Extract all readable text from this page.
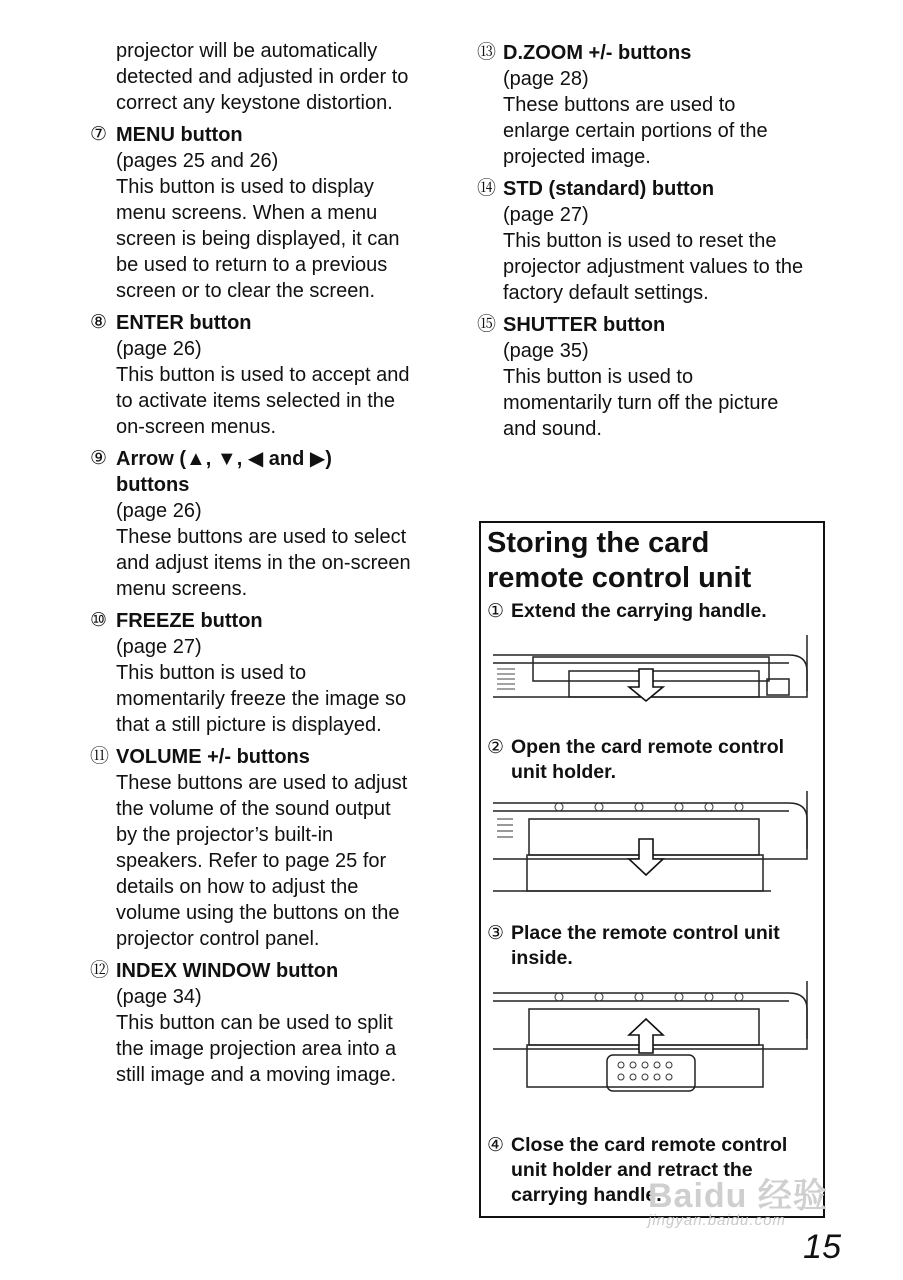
projector will be automatically
detected and adjusted in order to
correct any keystone distortion.
⑦ MENU button
(pages 25 and 26)
This button is used to display
menu screens. When a menu
screen is being displayed, it can
be used to return to a previous
screen or to clear the screen.
⑧ ENTER button
(page 26)
This button is used to accept and
to activate items selected in the
on-screen menus.
⑨ Arrow (▲, ▼, ◀ and ▶)
buttons
(page 26)
These buttons are used to select
and adjust items in the on-screen
menu screens.
⑩ FREEZE button
(page 27)
This button is used to
momentarily freeze the image so
that a still picture is displayed.
⑪ VOLUME +/- buttons
These buttons are used to adjust
the volume of the sound output
by the projector’s built-in
speakers. Refer to page 25 for
details on how to adjust the
volume using the buttons on the
projector control panel.
⑫ INDEX WINDOW button
(page 34)
This button can be used to split
the image projection area into a
still image and a moving image.
⑬ D.ZOOM +/- buttons
(page 28)
These buttons are used to
enlarge certain portions of the
projected image.
⑭ STD (standard) button
(page 27)
This button is used to reset the
projector adjustment values to the
factory default settings.
⑮ SHUTTER button
(page 35)
This button is used to
momentarily turn off the picture
and sound.
Storing the card
remote control unit
① Extend the carrying handle.
② Open the card remote control unit holder.
③ Place the remote control unit inside.
④ Close the card remote control unit holder and retract the carrying handle.
Baidu 经验
jingyan.baidu.com
15
